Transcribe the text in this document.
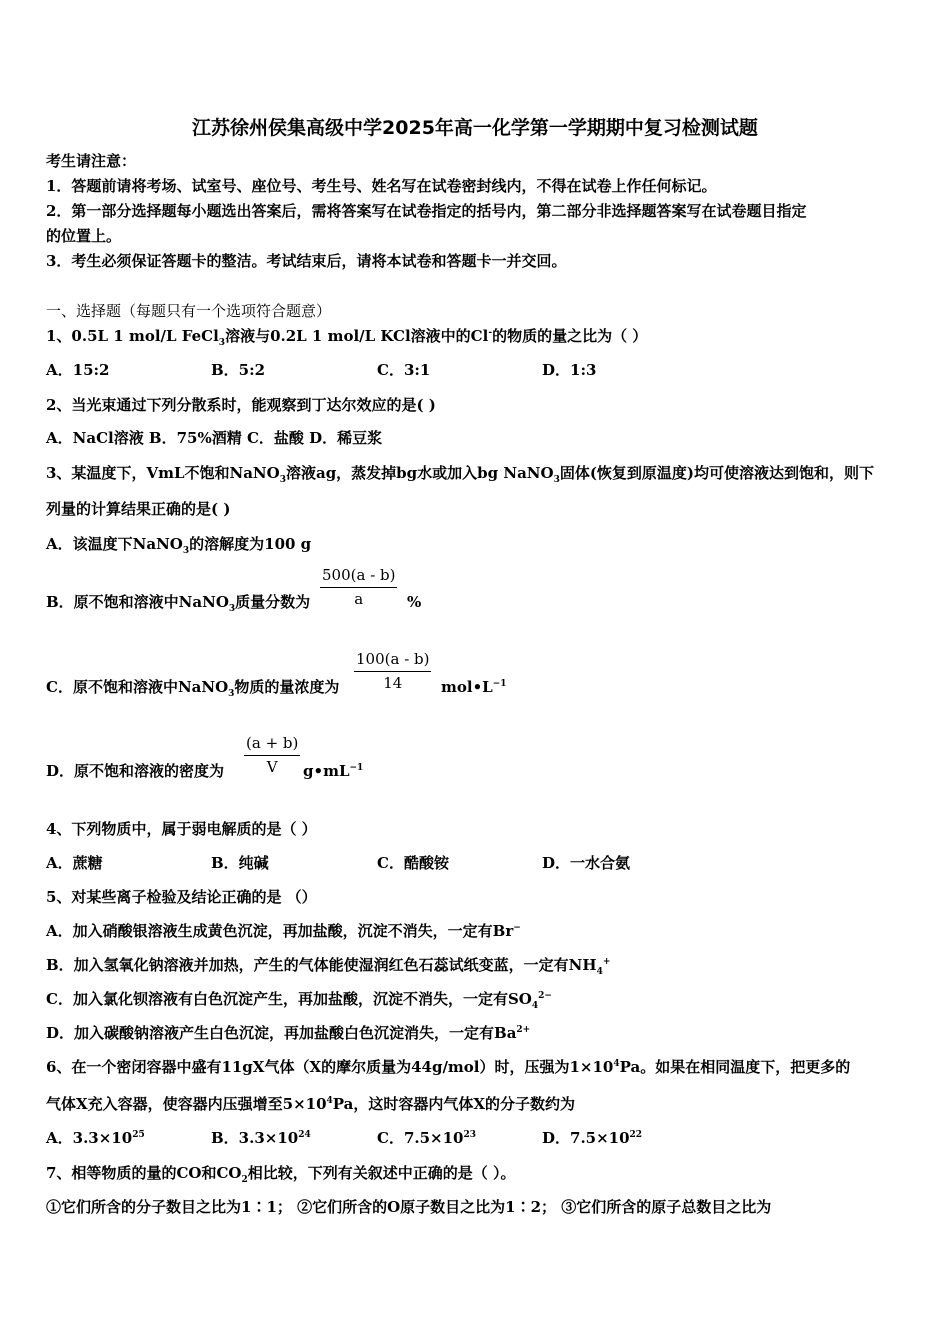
江苏徐州侯集高级中学2025年高一化学第一学期期中复习检测试题
考生请注意：
1．答题前请将考场、试室号、座位号、考生号、姓名写在试卷密封线内，不得在试卷上作任何标记。
2．第一部分选择题每小题选出答案后，需将答案写在试卷指定的括号内，第二部分非选择题答案写在试卷题目指定
的位置上。
3．考生必须保证答题卡的整洁。考试结束后，请将本试卷和答题卡一并交回。
一、选择题（每题只有一个选项符合题意）
1、0.5L 1 mol/L FeCl$_3$溶液与0.2L 1 mol/L KCl溶液中的Cl-的物质的量之比为（ ）
A．15:2	B．5:2	C．3:1	D．1:3
2、当光束通过下列分散系时，能观察到丁达尔效应的是( )
A．NaCl溶液 B．75%酒精 C．盐酸 D．稀豆浆
3、某温度下，VmL不饱和NaNO$_3$溶液ag，蒸发掉bg水或加入bg NaNO$_3$固体(恢复到原温度)均可使溶液达到饱和，则下
列量的计算结果正确的是( )
A．该温度下NaNO$_3$的溶解度为100 g
B．原不饱和溶液中NaNO$_3$质量分数为 $\frac{500(a - b)}{a}$ %
C．原不饱和溶液中NaNO$_3$物质的量浓度为 $\frac{100(a - b)}{14}$ $mol•L^{-1}$
D．原不饱和溶液的密度为 $\frac{(a + b)}{V}$ $g•mL^{-1}$
4、下列物质中，属于弱电解质的是（ ）
A．蔗糖	B．纯碱	C．酷酸铵	D．一水合氨
5、对某些离子检验及结论正确的是 （）
A．加入硝酸银溶液生成黄色沉淀，再加盐酸，沉淀不消失，一定有Br−
B．加入氢氧化钠溶液并加热，产生的气体能使湿润红色石蕊试纸变蓝，一定有$NH_4^+$
C．加入氯化钡溶液有白色沉淀产生，再加盐酸，沉淀不消失，一定有$SO_4^{2-}$
D．加入碳酸钠溶液产生白色沉淀，再加盐酸白色沉淀消失，一定有$Ba^{2+}$
6、在一个密闭容器中盛有11gX气体（X的摩尔质量为44g/mol）时，压强为$1\times 10^4Pa$。如果在相同温度下，把更多的
气体X充入容器，使容器内压强增至$5\times 10^4Pa$，这时容器内气体X的分子数约为
A．$3.3\times 10^{25}$	B．$3.3\times 10^{24}$	C．$7.5\times 10^{23}$	D．$7.5\times 10^{22}$
7、相等物质的量的CO和$CO_2$相比较，下列有关叙述中正确的是（ ）。
①它们所含的分子数目之比为1∶1； ②它们所含的O原子数目之比为1∶2； ③它们所含的原子总数目之比为
